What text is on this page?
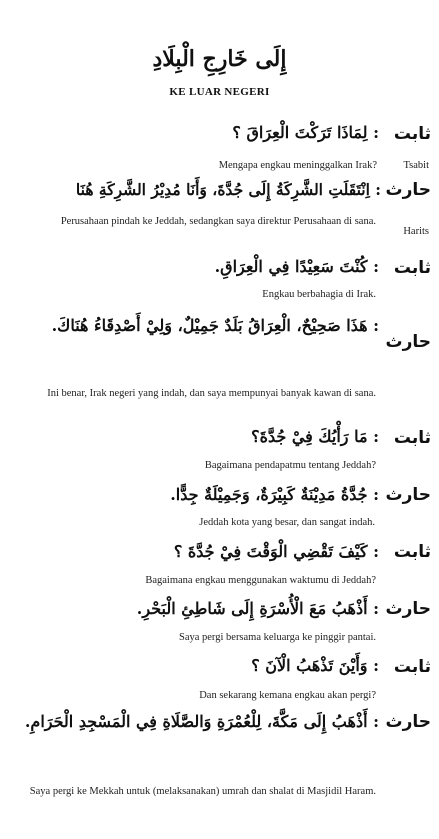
إِلَى خَارِجِ الْبِلَادِ
KE LUAR NEGERI
ثابت
: لِمَاذَا تَرَكْتَ الْعِرَاقَ ؟
Mengapa engkau meninggalkan Irak?	Tsabit
حارث
: اِنْتَقَلَتِ الشَّرِكَةُ إِلَى جُدَّةَ، وَأَنَا مُدِيْرُ الشَّرِكَةِ هُنَا
Perusahaan pindah ke Jeddah, sedangkan saya direktur Perusahaan di sana.
Harits
ثابت
: كُنْتَ سَعِيْدًا فِي الْعِرَاقِ.
Engkau berbahagia di Irak.
حارث
: هَذَا صَحِيْحٌ، الْعِرَاقُ بَلَدٌ جَمِيْلٌ، وَلِيْ أَصْدِقَاءُ هُنَاكَ.
Ini benar, Irak negeri yang indah, dan saya mempunyai banyak kawan di sana.
ثابت
: مَا رَأْيُكَ فِيْ جُدَّةَ؟
Bagaimana pendapatmu tentang Jeddah?
حارث
: جُدَّةُ مَدِيْنَةٌ كَبِيْرَةٌ، وَجَمِيْلَةٌ جِدًّا.
Jeddah kota yang besar, dan sangat indah.
ثابت
: كَيْفَ تَقْضِي الْوَقْتَ فِيْ جُدَّةَ ؟
Bagaimana engkau menggunakan waktumu di Jeddah?
حارث
: أَذْهَبُ مَعَ الْأُسْرَةِ إِلَى شَاطِئِ الْبَحْرِ.
Saya pergi bersama keluarga ke pinggir pantai.
ثابت
: وَأَيْنَ تَذْهَبُ الْآنَ ؟
Dan sekarang kemana engkau akan pergi?
حارث
: أَذْهَبُ إِلَى مَكَّةَ، لِلْعُمْرَةِ وَالصَّلَاةِ فِي الْمَسْجِدِ الْحَرَامِ.
Saya pergi ke Mekkah untuk (melaksanakan) umrah dan shalat di Masjidil Haram.
